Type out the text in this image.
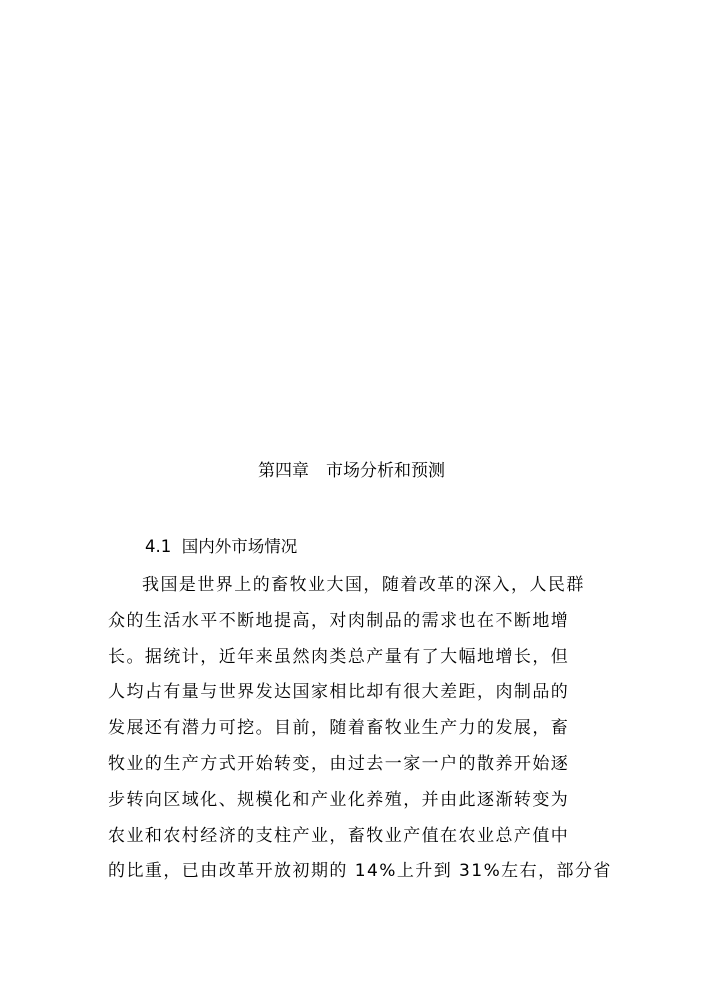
第四章　市场分析和预测
4.1  国内外市场情况
我国是世界上的畜牧业大国，随着改革的深入，人民群
众的生活水平不断地提高，对肉制品的需求也在不断地增
长。据统计，近年来虽然肉类总产量有了大幅地增长，但
人均占有量与世界发达国家相比却有很大差距，肉制品的
发展还有潜力可挖。目前，随着畜牧业生产力的发展，畜
牧业的生产方式开始转变，由过去一家一户的散养开始逐
步转向区域化、规模化和产业化养殖，并由此逐渐转变为
农业和农村经济的支柱产业，畜牧业产值在农业总产值中
的比重，已由改革开放初期的 14%上升到 31%左右，部分省
